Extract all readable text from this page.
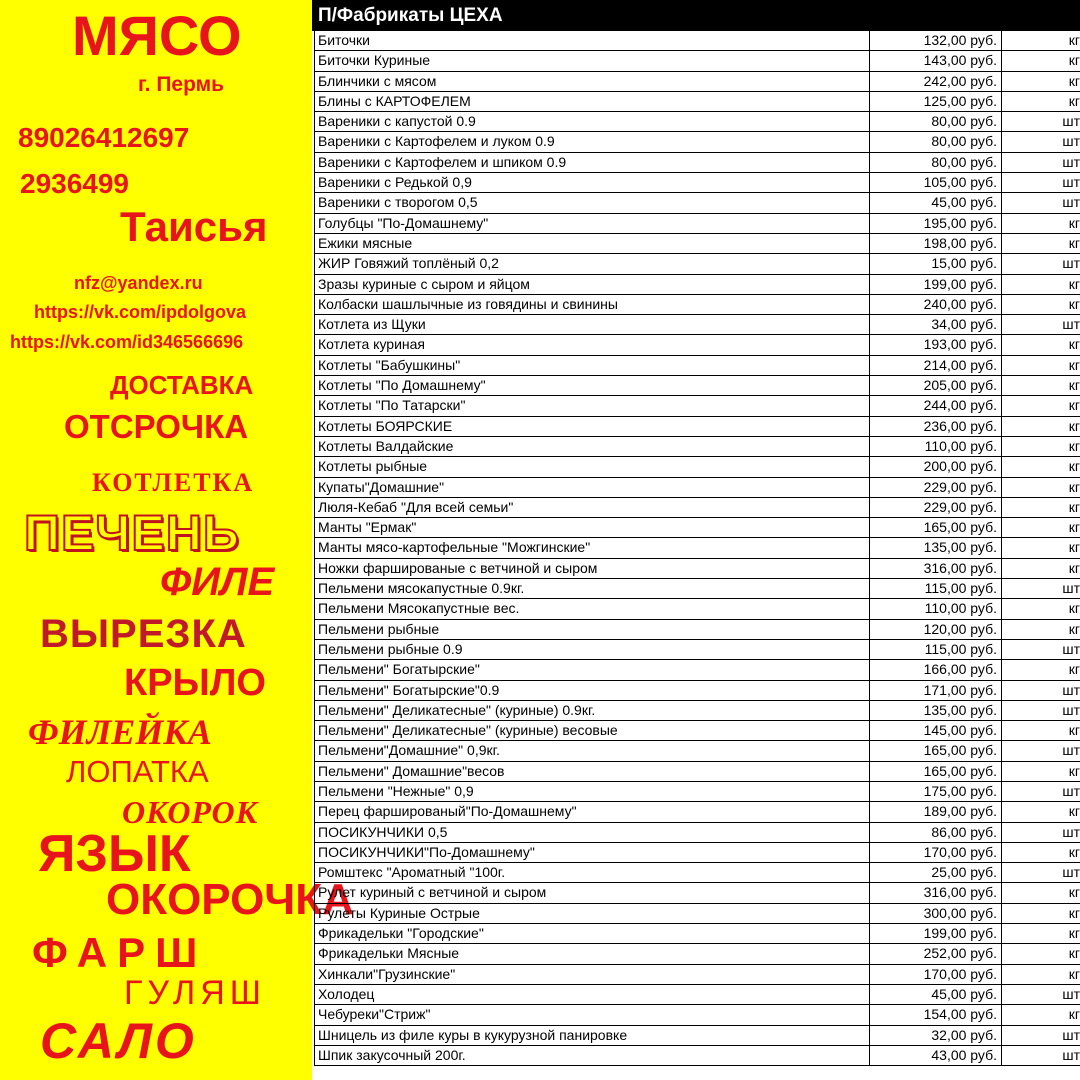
МЯСО
г. Пермь
89026412697
2936499
Таисья
nfz@yandex.ru
https://vk.com/ipdolgova
https://vk.com/id346566696
ДОСТАВКА
ОТСРОЧКА
КОТЛЕТКА
ПЕЧЕНЬ
ФИЛЕ
ВЫРЕЗКА
КРЫЛО
ФИЛЕЙКА
ЛОПАТКА
ОКОРОК
ЯЗЫК
ОКОРОЧКА
ФАРШ
ГУЛЯШ
САЛО
П/Фабрикаты ЦЕХА
Биточки	132,00 руб.	кг
Биточки Куриные	143,00 руб.	кг
Блинчики с мясом	242,00 руб.	кг
Блины с КАРТОФЕЛЕМ	125,00 руб.	кг
Вареники с капустой 0.9	80,00 руб.	шт
Вареники с Картофелем и луком 0.9	80,00 руб.	шт
Вареники с Картофелем и шпиком 0.9	80,00 руб.	шт
Вареники с Редькой 0,9	105,00 руб.	шт
Вареники с творогом 0,5	45,00 руб.	шт
Голубцы "По-Домашнему"	195,00 руб.	кг
Ежики мясные	198,00 руб.	кг
ЖИР Говяжий топлёный 0,2	15,00 руб.	шт
Зразы куриные с сыром и яйцом	199,00 руб.	кг
Колбаски шашлычные из говядины и свинины	240,00 руб.	кг
Котлета из Щуки	34,00 руб.	шт
Котлета куриная	193,00 руб.	кг
Котлеты "Бабушкины"	214,00 руб.	кг
Котлеты "По Домашнему"	205,00 руб.	кг
Котлеты "По Татарски"	244,00 руб.	кг
Котлеты БОЯРСКИЕ	236,00 руб.	кг
Котлеты Валдайские	110,00 руб.	кг
Котлеты рыбные	200,00 руб.	кг
Купаты"Домашние"	229,00 руб.	кг
Люля-Кебаб "Для всей семьи"	229,00 руб.	кг
Манты "Ермак"	165,00 руб.	кг
Манты мясо-картофельные "Можгинские"	135,00 руб.	кг
Ножки фаршированые с ветчиной и сыром	316,00 руб.	кг
Пельмени мясокапустные 0.9кг.	115,00 руб.	шт
Пельмени Мясокапустные вес.	110,00 руб.	кг
Пельмени рыбные	120,00 руб.	кг
Пельмени рыбные 0.9	115,00 руб.	шт
Пельмени" Богатырские"	166,00 руб.	кг
Пельмени" Богатырские"0.9	171,00 руб.	шт
Пельмени" Деликатесные" (куриные) 0.9кг.	135,00 руб.	шт
Пельмени" Деликатесные" (куриные) весовые	145,00 руб.	кг
Пельмени"Домашние" 0,9кг.	165,00 руб.	шт
Пельмени" Домашние"весов	165,00 руб.	кг
Пельмени "Нежные" 0,9	175,00 руб.	шт
Перец фаршированый"По-Домашнему"	189,00 руб.	кг
ПОСИКУНЧИКИ 0,5	86,00 руб.	шт
ПОСИКУНЧИКИ"По-Домашнему"	170,00 руб.	кг
Ромштекс "Ароматный "100г.	25,00 руб.	шт
Рулет куриный с ветчиной и сыром	316,00 руб.	кг
Рулеты Куриные Острые	300,00 руб.	кг
Фрикадельки "Городские"	199,00 руб.	кг
Фрикадельки Мясные	252,00 руб.	кг
Хинкали"Грузинские"	170,00 руб.	кг
Холодец	45,00 руб.	шт
Чебуреки"Стриж"	154,00 руб.	кг
Шницель из филе куры в кукурузной панировке	32,00 руб.	шт
Шпик закусочный 200г.	43,00 руб.	шт
